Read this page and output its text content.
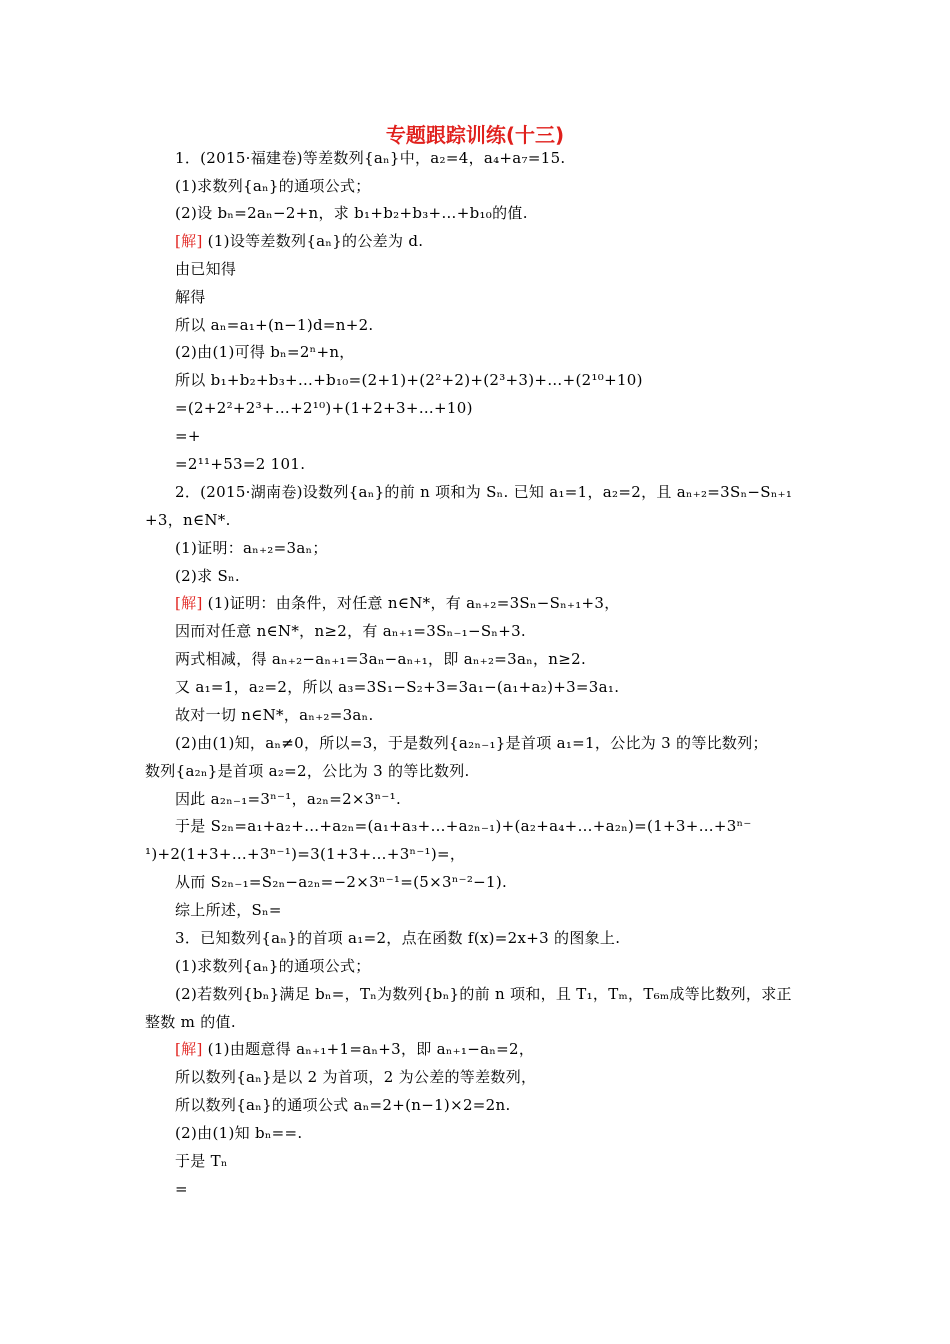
专题跟踪训练(十三)
1．(2015·福建卷)等差数列{aₙ}中，a₂=4，a₄+a₇=15.
(1)求数列{aₙ}的通项公式；
(2)设 bₙ=2aₙ−2+n，求 b₁+b₂+b₃+…+b₁₀的值.
[解] (1)设等差数列{aₙ}的公差为 d.
由已知得
解得
所以 aₙ=a₁+(n−1)d=n+2.
(2)由(1)可得 bₙ=2ⁿ+n，
所以 b₁+b₂+b₃+…+b₁₀=(2+1)+(2²+2)+(2³+3)+…+(2¹⁰+10)
=(2+2²+2³+…+2¹⁰)+(1+2+3+…+10)
=+
=2¹¹+53=2 101.
2．(2015·湖南卷)设数列{aₙ}的前 n 项和为 Sₙ. 已知 a₁=1，a₂=2，且 aₙ₊₂=3Sₙ−Sₙ₊₁
+3，n∈N*.
(1)证明：aₙ₊₂=3aₙ；
(2)求 Sₙ.
[解] (1)证明：由条件，对任意 n∈N*，有 aₙ₊₂=3Sₙ−Sₙ₊₁+3，
因而对任意 n∈N*，n≥2，有 aₙ₊₁=3Sₙ₋₁−Sₙ+3.
两式相减，得 aₙ₊₂−aₙ₊₁=3aₙ−aₙ₊₁，即 aₙ₊₂=3aₙ，n≥2.
又 a₁=1，a₂=2，所以 a₃=3S₁−S₂+3=3a₁−(a₁+a₂)+3=3a₁.
故对一切 n∈N*，aₙ₊₂=3aₙ.
(2)由(1)知，aₙ≠0，所以=3，于是数列{a₂ₙ₋₁}是首项 a₁=1，公比为 3 的等比数列；
数列{a₂ₙ}是首项 a₂=2，公比为 3 的等比数列.
因此 a₂ₙ₋₁=3ⁿ⁻¹，a₂ₙ=2×3ⁿ⁻¹.
于是 S₂ₙ=a₁+a₂+…+a₂ₙ=(a₁+a₃+…+a₂ₙ₋₁)+(a₂+a₄+…+a₂ₙ)=(1+3+…+3ⁿ⁻
¹)+2(1+3+…+3ⁿ⁻¹)=3(1+3+…+3ⁿ⁻¹)=，
从而 S₂ₙ₋₁=S₂ₙ−a₂ₙ=−2×3ⁿ⁻¹=(5×3ⁿ⁻²−1).
综上所述，Sₙ=
3．已知数列{aₙ}的首项 a₁=2，点在函数 f(x)=2x+3 的图象上.
(1)求数列{aₙ}的通项公式；
(2)若数列{bₙ}满足 bₙ=，Tₙ为数列{bₙ}的前 n 项和，且 T₁，Tₘ，T₆ₘ成等比数列，求正
整数 m 的值.
[解] (1)由题意得 aₙ₊₁+1=aₙ+3，即 aₙ₊₁−aₙ=2，
所以数列{aₙ}是以 2 为首项，2 为公差的等差数列，
所以数列{aₙ}的通项公式 aₙ=2+(n−1)×2=2n.
(2)由(1)知 bₙ==.
于是 Tₙ
=
